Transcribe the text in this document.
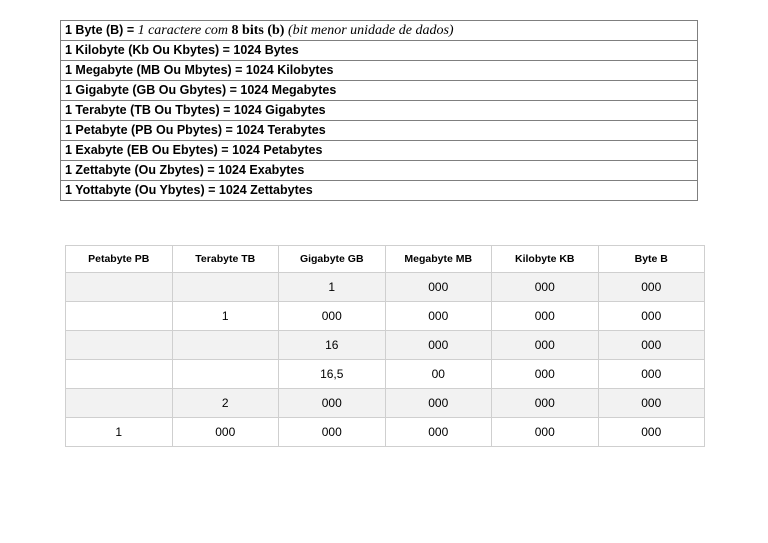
1 Byte (B) = 1 caractere com 8 bits (b) (bit menor unidade de dados)
1 Kilobyte (Kb Ou Kbytes) = 1024 Bytes
1 Megabyte (MB Ou Mbytes) = 1024 Kilobytes
1 Gigabyte (GB Ou Gbytes) = 1024 Megabytes
1 Terabyte (TB Ou Tbytes) = 1024 Gigabytes
1 Petabyte (PB Ou Pbytes) = 1024 Terabytes
1 Exabyte (EB Ou Ebytes) = 1024 Petabytes
1 Zettabyte (Ou Zbytes) = 1024 Exabytes
1 Yottabyte (Ou Ybytes) = 1024 Zettabytes
Petabyte PB	Terabyte TB	Gigabyte GB	Megabyte MB	Kilobyte KB	Byte B
		1	000	000	000
	1	000	000	000	000
		16	000	000	000
		16,5	00	000	000
	2	000	000	000	000
1	000	000	000	000	000
